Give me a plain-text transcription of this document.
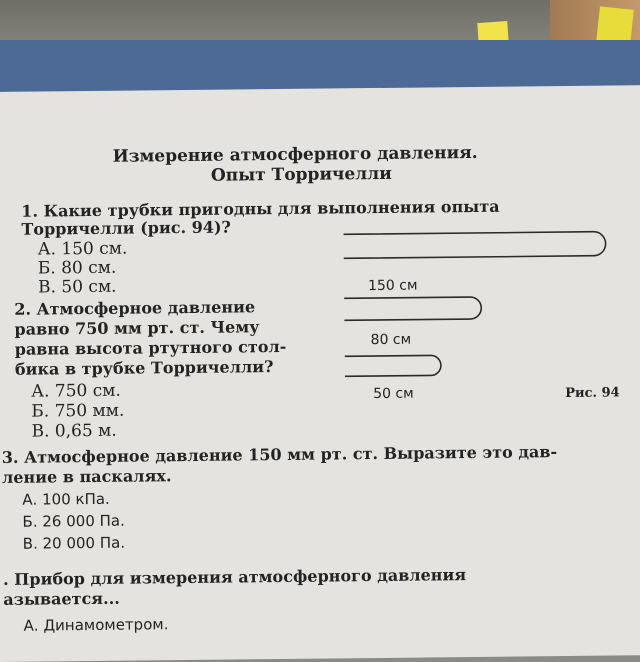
Измерение атмосферного давления.
Опыт Торричелли
1. Какие трубки пригодны для выполнения опыта
Торричелли (рис. 94)?
А. 150 см.
Б. 80 см.
В. 50 см.
2. Атмосферное давление
равно 750 мм рт. ст. Чему
равна высота ртутного стол-
бика в трубке Торричелли?
А. 750 см.
Б. 750 мм.
В. 0,65 м.
150 см
80 см
50 см	Рис. 94
3. Атмосферное давление 150 мм рт. ст. Выразите это дав-
ление в паскалях.
А. 100 кПа.
Б. 26 000 Па.
В. 20 000 Па.
. Прибор для измерения атмосферного давления
азывается...
А. Динамометром.
